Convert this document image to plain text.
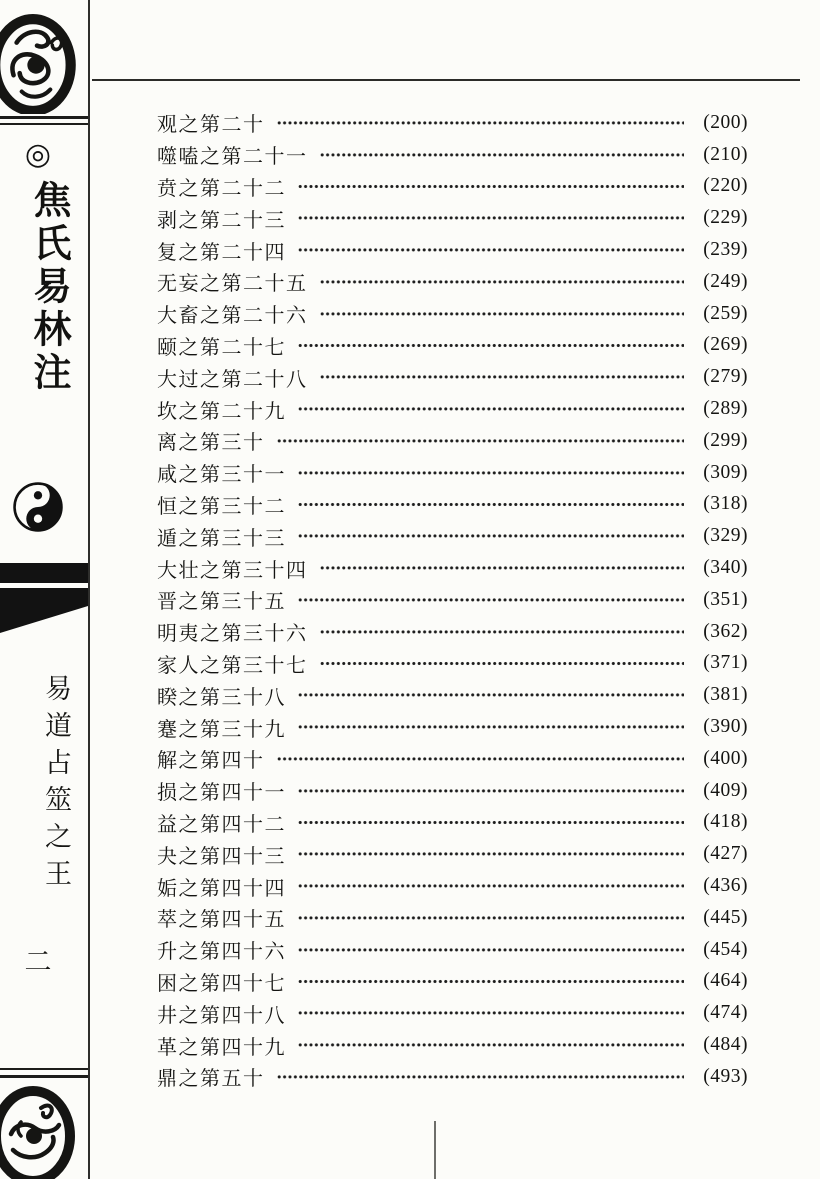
◎
焦氏易林注
易道占筮之王
二
观之第二十	(200)
噬嗑之第二十一	(210)
贲之第二十二	(220)
剥之第二十三	(229)
复之第二十四	(239)
无妄之第二十五	(249)
大畜之第二十六	(259)
颐之第二十七	(269)
大过之第二十八	(279)
坎之第二十九	(289)
离之第三十	(299)
咸之第三十一	(309)
恒之第三十二	(318)
遁之第三十三	(329)
大壮之第三十四	(340)
晋之第三十五	(351)
明夷之第三十六	(362)
家人之第三十七	(371)
睽之第三十八	(381)
蹇之第三十九	(390)
解之第四十	(400)
损之第四十一	(409)
益之第四十二	(418)
夬之第四十三	(427)
姤之第四十四	(436)
萃之第四十五	(445)
升之第四十六	(454)
困之第四十七	(464)
井之第四十八	(474)
革之第四十九	(484)
鼎之第五十	(493)
